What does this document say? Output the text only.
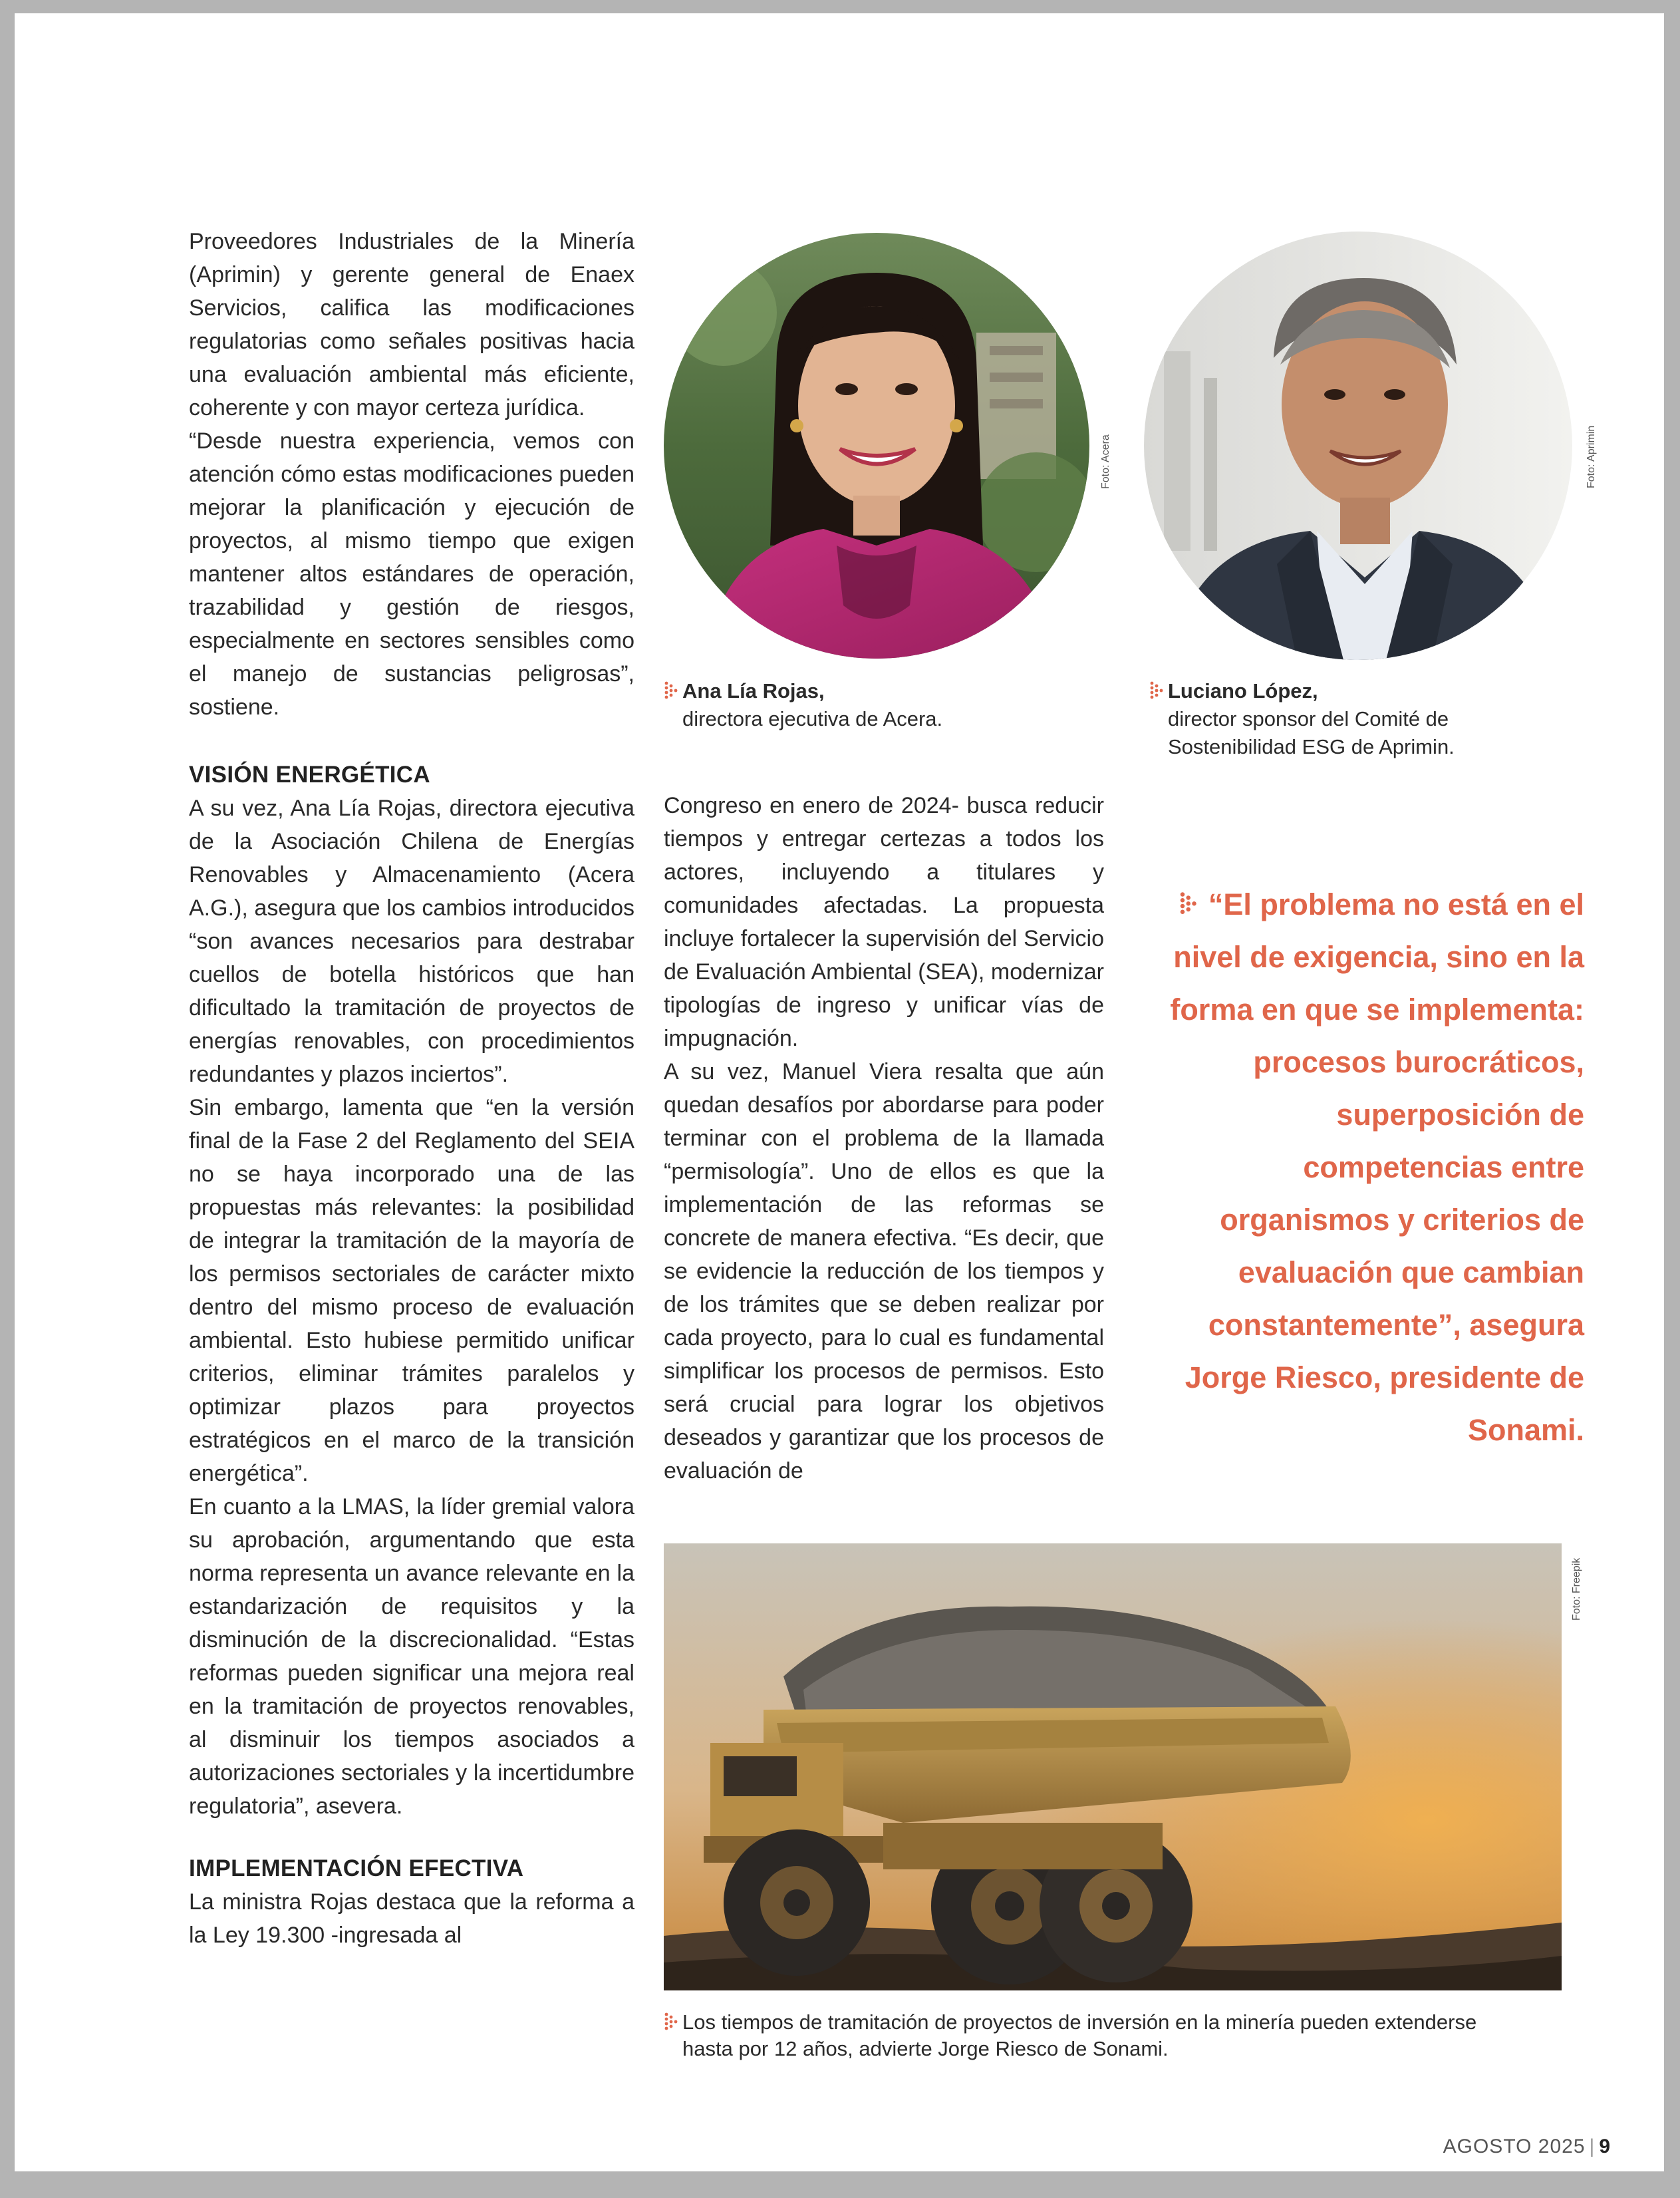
Proveedores Industriales de la Minería (Aprimin) y gerente general de Enaex Servicios, califica las modificaciones regulatorias como señales positivas hacia una evaluación ambiental más eficiente, coherente y con mayor certeza jurídica.

“Desde nuestra experiencia, vemos con atención cómo estas modificaciones pueden mejorar la planificación y ejecución de proyectos, al mismo tiempo que exigen mantener altos estándares de operación, trazabilidad y gestión de riesgos, especialmente en sectores sensibles como el manejo de sustancias peligrosas”, sostiene.

VISIÓN ENERGÉTICA

A su vez, Ana Lía Rojas, directora ejecutiva de la Asociación Chilena de Energías Renovables y Almacenamiento (Acera A.G.), asegura que los cambios introducidos “son avances necesarios para destrabar cuellos de botella históricos que han dificultado la tramitación de proyectos de energías renovables, con procedimientos redundantes y plazos inciertos”.

Sin embargo, lamenta que “en la versión final de la Fase 2 del Reglamento del SEIA no se haya incorporado una de las propuestas más relevantes: la posibilidad de integrar la tramitación de la mayoría de los permisos sectoriales de carácter mixto dentro del mismo proceso de evaluación ambiental. Esto hubiese permitido unificar criterios, eliminar trámites paralelos y optimizar plazos para proyectos estratégicos en el marco de la transición energética”.

En cuanto a la LMAS, la líder gremial valora su aprobación, argumentando que esta norma representa un avance relevante en la estandarización de requisitos y la disminución de la discrecionalidad. “Estas reformas pueden significar una mejora real en la tramitación de proyectos renovables, al disminuir los tiempos asociados a autorizaciones sectoriales y la incertidumbre regulatoria”, asevera.

IMPLEMENTACIÓN EFECTIVA

La ministra Rojas destaca que la reforma a la Ley 19.300 -ingresada al

Congreso en enero de 2024- busca reducir tiempos y entregar certezas a todos los actores, incluyendo a titulares y comunidades afectadas. La propuesta incluye fortalecer la supervisión del Servicio de Evaluación Ambiental (SEA), modernizar tipologías de ingreso y unificar vías de impugnación.

A su vez, Manuel Viera resalta que aún quedan desafíos por abordarse para poder terminar con el problema de la llamada “permisología”. Uno de ellos es que la implementación de las reformas se concrete de manera efectiva. “Es decir, que se evidencie la reducción de los tiempos y de los trámites que se deben realizar por cada proyecto, para lo cual es fundamental simplificar los procesos de permisos. Esto será crucial para lograr los objetivos deseados y garantizar que los procesos de evaluación de

Foto: Acera
Ana Lía Rojas,
directora ejecutiva de Acera.
Foto: Aprimin
Luciano López,
director sponsor del Comité de
Sostenibilidad ESG de Aprimin.
“El problema no está en el nivel de exigencia, sino en la forma en que se implementa: procesos burocráticos, superposición de competencias entre organismos y criterios de evaluación que cambian constantemente”, asegura Jorge Riesco, presidente de Sonami.
Foto: Freepik
Los tiempos de tramitación de proyectos de inversión en la minería pueden extenderse
hasta por 12 años, advierte Jorge Riesco de Sonami.
AGOSTO 2025 | 9
